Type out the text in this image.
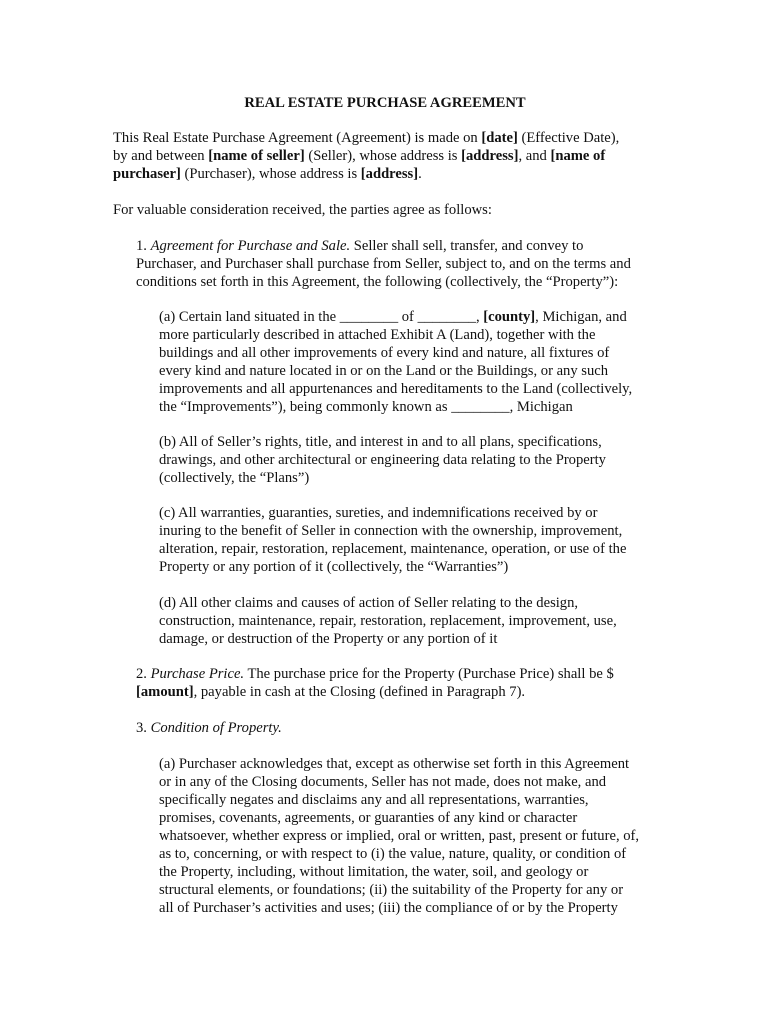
REAL ESTATE PURCHASE AGREEMENT
This Real Estate Purchase Agreement (Agreement) is made on [date] (Effective Date),
by and between [name of seller] (Seller), whose address is [address], and [name of
purchaser] (Purchaser), whose address is [address].
For valuable consideration received, the parties agree as follows:
1. Agreement for Purchase and Sale. Seller shall sell, transfer, and convey to
Purchaser, and Purchaser shall purchase from Seller, subject to, and on the terms and
conditions set forth in this Agreement, the following (collectively, the “Property”):
(a) Certain land situated in the ________ of ________, [county], Michigan, and
more particularly described in attached Exhibit A (Land), together with the
buildings and all other improvements of every kind and nature, all fixtures of
every kind and nature located in or on the Land or the Buildings, or any such
improvements and all appurtenances and hereditaments to the Land (collectively,
the “Improvements”), being commonly known as ________, Michigan
(b) All of Seller’s rights, title, and interest in and to all plans, specifications,
drawings, and other architectural or engineering data relating to the Property
(collectively, the “Plans”)
(c) All warranties, guaranties, sureties, and indemnifications received by or
inuring to the benefit of Seller in connection with the ownership, improvement,
alteration, repair, restoration, replacement, maintenance, operation, or use of the
Property or any portion of it (collectively, the “Warranties”)
(d) All other claims and causes of action of Seller relating to the design,
construction, maintenance, repair, restoration, replacement, improvement, use,
damage, or destruction of the Property or any portion of it
2. Purchase Price. The purchase price for the Property (Purchase Price) shall be $
[amount], payable in cash at the Closing (defined in Paragraph 7).
3. Condition of Property.
(a) Purchaser acknowledges that, except as otherwise set forth in this Agreement
or in any of the Closing documents, Seller has not made, does not make, and
specifically negates and disclaims any and all representations, warranties,
promises, covenants, agreements, or guaranties of any kind or character
whatsoever, whether express or implied, oral or written, past, present or future, of,
as to, concerning, or with respect to (i) the value, nature, quality, or condition of
the Property, including, without limitation, the water, soil, and geology or
structural elements, or foundations; (ii) the suitability of the Property for any or
all of Purchaser’s activities and uses; (iii) the compliance of or by the Property
